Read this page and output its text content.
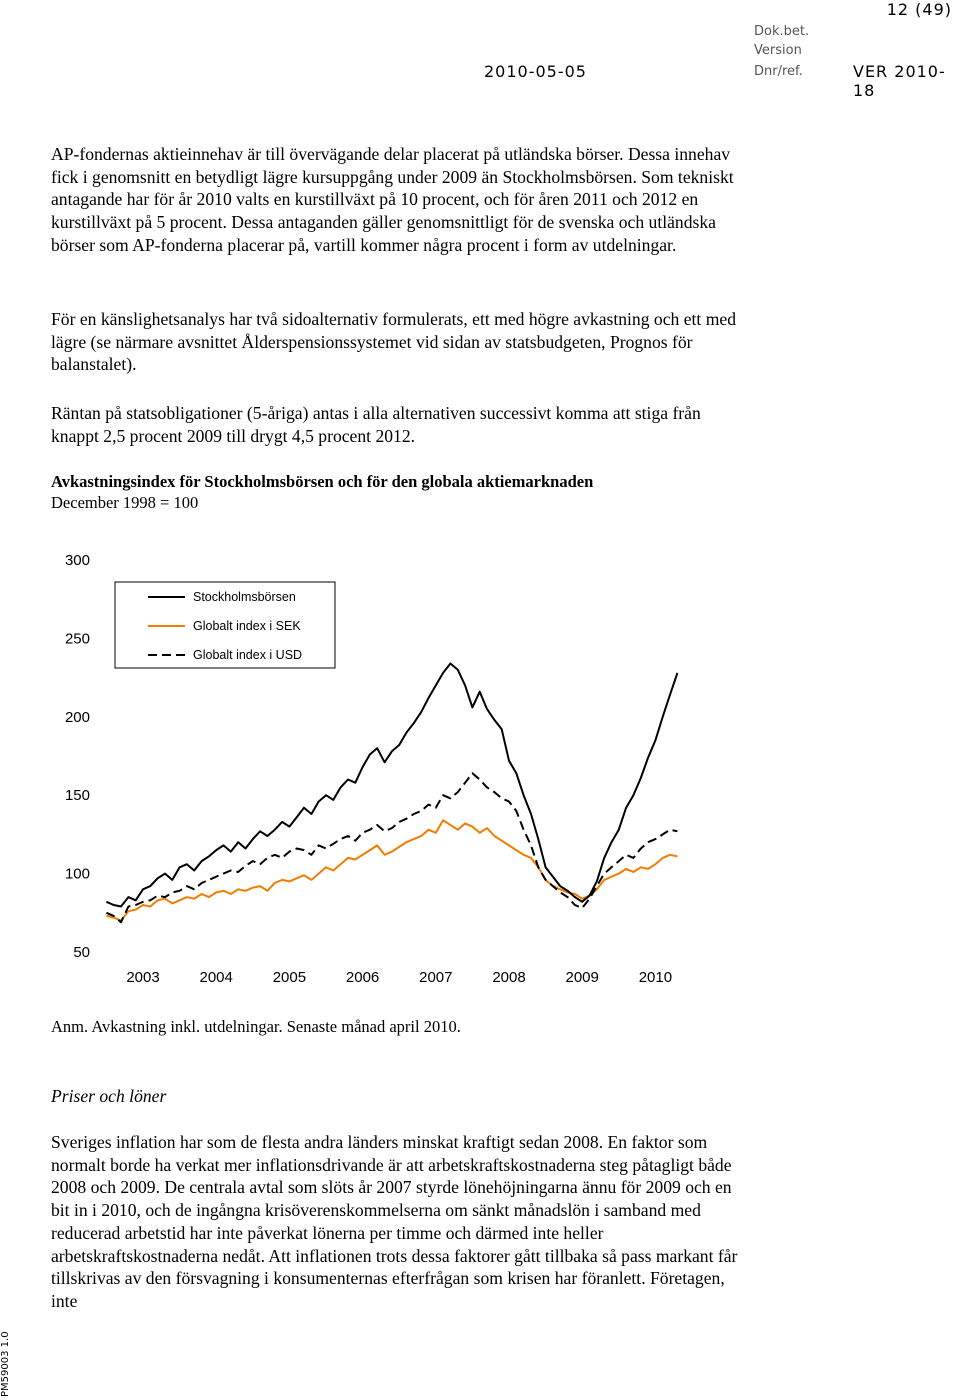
12 (49)
Dok.bet.
Version
2010-05-05	Dnr/ref.	VER 2010-18

AP-fondernas aktieinnehav är till övervägande delar placerat på utländska börser. Dessa innehav fick i genomsnitt en betydligt lägre kursuppgång under 2009 än Stockholmsbörsen. Som tekniskt antagande har för år 2010 valts en kurstillväxt på 10 procent, och för åren 2011 och 2012 en kurstillväxt på 5 procent. Dessa antaganden gäller genomsnittligt för de svenska och utländska börser som AP-fonderna placerar på, vartill kommer några procent i form av utdelningar.

För en känslighetsanalys har två sidoalternativ formulerats, ett med högre avkastning och ett med lägre (se närmare avsnittet Ålderspensionssystemet vid sidan av statsbudgeten, Prognos för balanstalet).

Räntan på statsobligationer (5-åriga) antas i alla alternativen successivt komma att stiga från knappt 2,5 procent 2009 till drygt 4,5 procent 2012.

Avkastningsindex för Stockholmsbörsen och för den globala aktiemarknaden
December 1998 = 100
300
250
200
150
100
50
2003	2004	2005	2006	2007	2008	2009	2010
Stockholmsbörsen
Globalt index i SEK
Globalt index i USD
Anm. Avkastning inkl. utdelningar. Senaste månad april 2010.
Priser och löner

Sveriges inflation har som de flesta andra länders minskat kraftigt sedan 2008. En faktor som normalt borde ha verkat mer inflationsdrivande är att arbetskraftskostnaderna steg påtagligt både 2008 och 2009. De centrala avtal som slöts år 2007 styrde lönehöjningarna ännu för 2009 och en bit in i 2010, och de ingångna krisöverenskommelserna om sänkt månadslön i samband med reducerad arbetstid har inte påverkat lönerna per timme och därmed inte heller arbetskraftskostnaderna nedåt. Att inflationen trots dessa faktorer gått tillbaka så pass markant får tillskrivas av den försvagning i konsumenternas efterfrågan som krisen har föranlett. Företagen, inte

PM59003 1.0
